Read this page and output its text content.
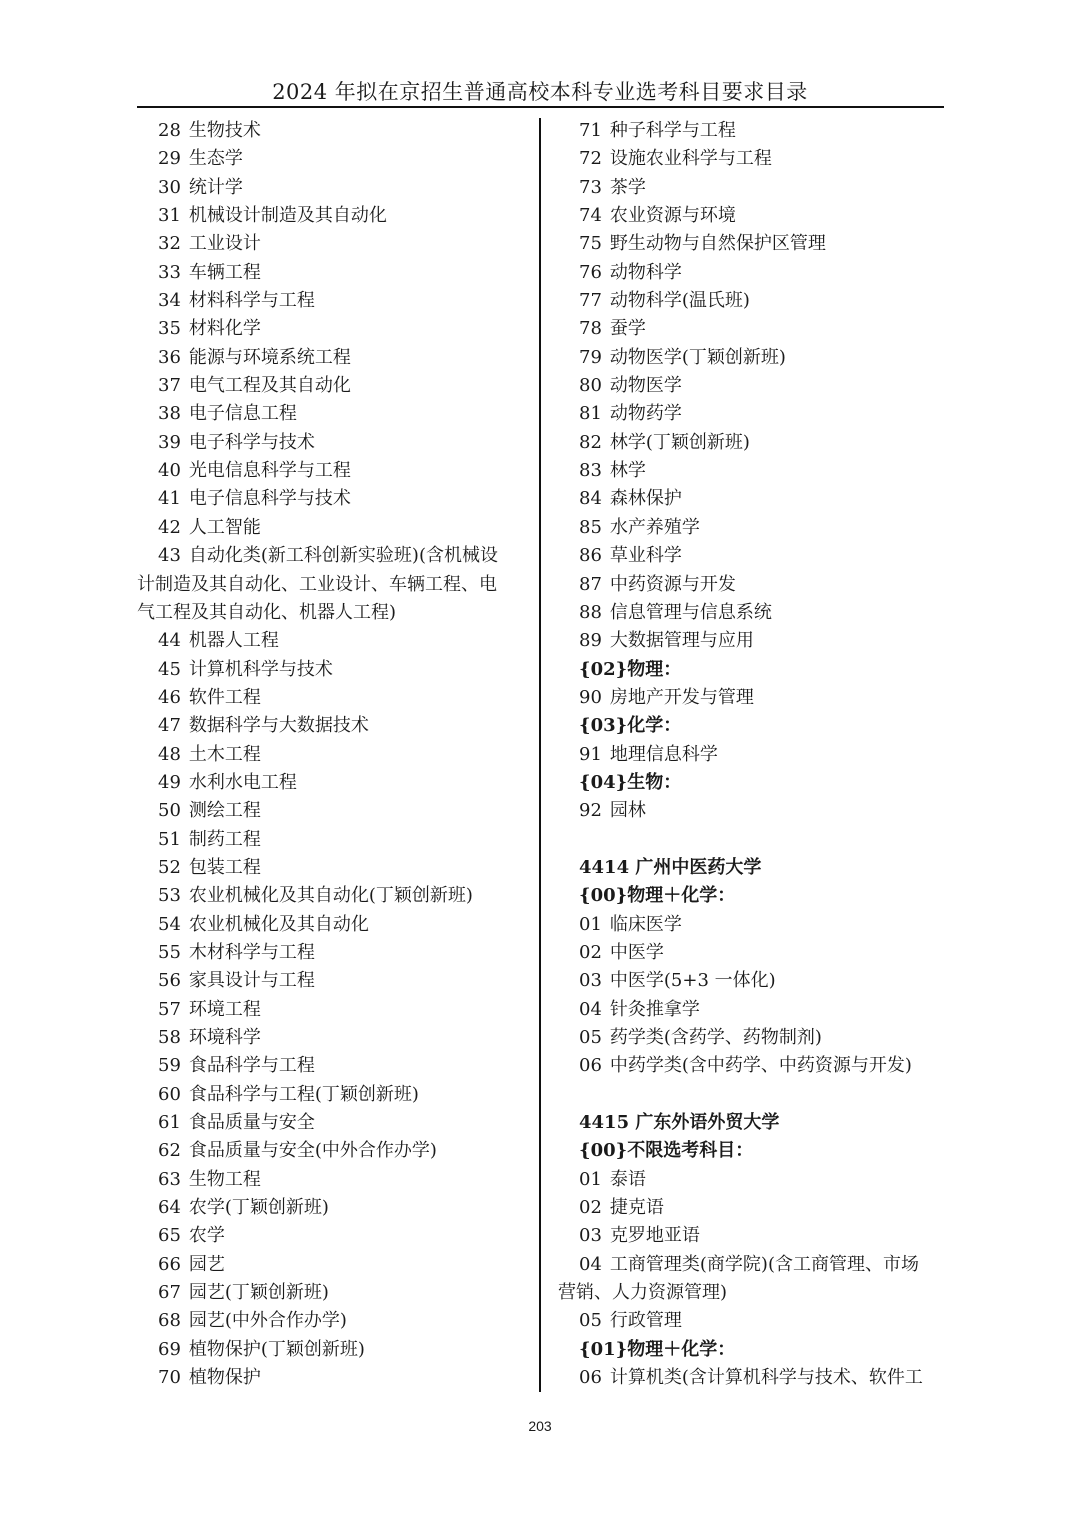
2024 年拟在京招生普通高校本科专业选考科目要求目录
28 生物技术
29 生态学
30 统计学
31 机械设计制造及其自动化
32 工业设计
33 车辆工程
34 材料科学与工程
35 材料化学
36 能源与环境系统工程
37 电气工程及其自动化
38 电子信息工程
39 电子科学与技术
40 光电信息科学与工程
41 电子信息科学与技术
42 人工智能
43 自动化类(新工科创新实验班)(含机械设
计制造及其自动化、工业设计、车辆工程、电
气工程及其自动化、机器人工程)
44 机器人工程
45 计算机科学与技术
46 软件工程
47 数据科学与大数据技术
48 土木工程
49 水利水电工程
50 测绘工程
51 制药工程
52 包装工程
53 农业机械化及其自动化(丁颖创新班)
54 农业机械化及其自动化
55 木材科学与工程
56 家具设计与工程
57 环境工程
58 环境科学
59 食品科学与工程
60 食品科学与工程(丁颖创新班)
61 食品质量与安全
62 食品质量与安全(中外合作办学)
63 生物工程
64 农学(丁颖创新班)
65 农学
66 园艺
67 园艺(丁颖创新班)
68 园艺(中外合作办学)
69 植物保护(丁颖创新班)
70 植物保护
71 种子科学与工程
72 设施农业科学与工程
73 茶学
74 农业资源与环境
75 野生动物与自然保护区管理
76 动物科学
77 动物科学(温氏班)
78 蚕学
79 动物医学(丁颖创新班)
80 动物医学
81 动物药学
82 林学(丁颖创新班)
83 林学
84 森林保护
85 水产养殖学
86 草业科学
87 中药资源与开发
88 信息管理与信息系统
89 大数据管理与应用
{02}物理：
90 房地产开发与管理
{03}化学：
91 地理信息科学
{04}生物：
92 园林
4414 广州中医药大学
{00}物理＋化学：
01 临床医学
02 中医学
03 中医学(5+3 一体化)
04 针灸推拿学
05 药学类(含药学、药物制剂)
06 中药学类(含中药学、中药资源与开发)
4415 广东外语外贸大学
{00}不限选考科目：
01 泰语
02 捷克语
03 克罗地亚语
04 工商管理类(商学院)(含工商管理、市场
营销、人力资源管理)
05 行政管理
{01}物理＋化学：
06 计算机类(含计算机科学与技术、软件工
203
